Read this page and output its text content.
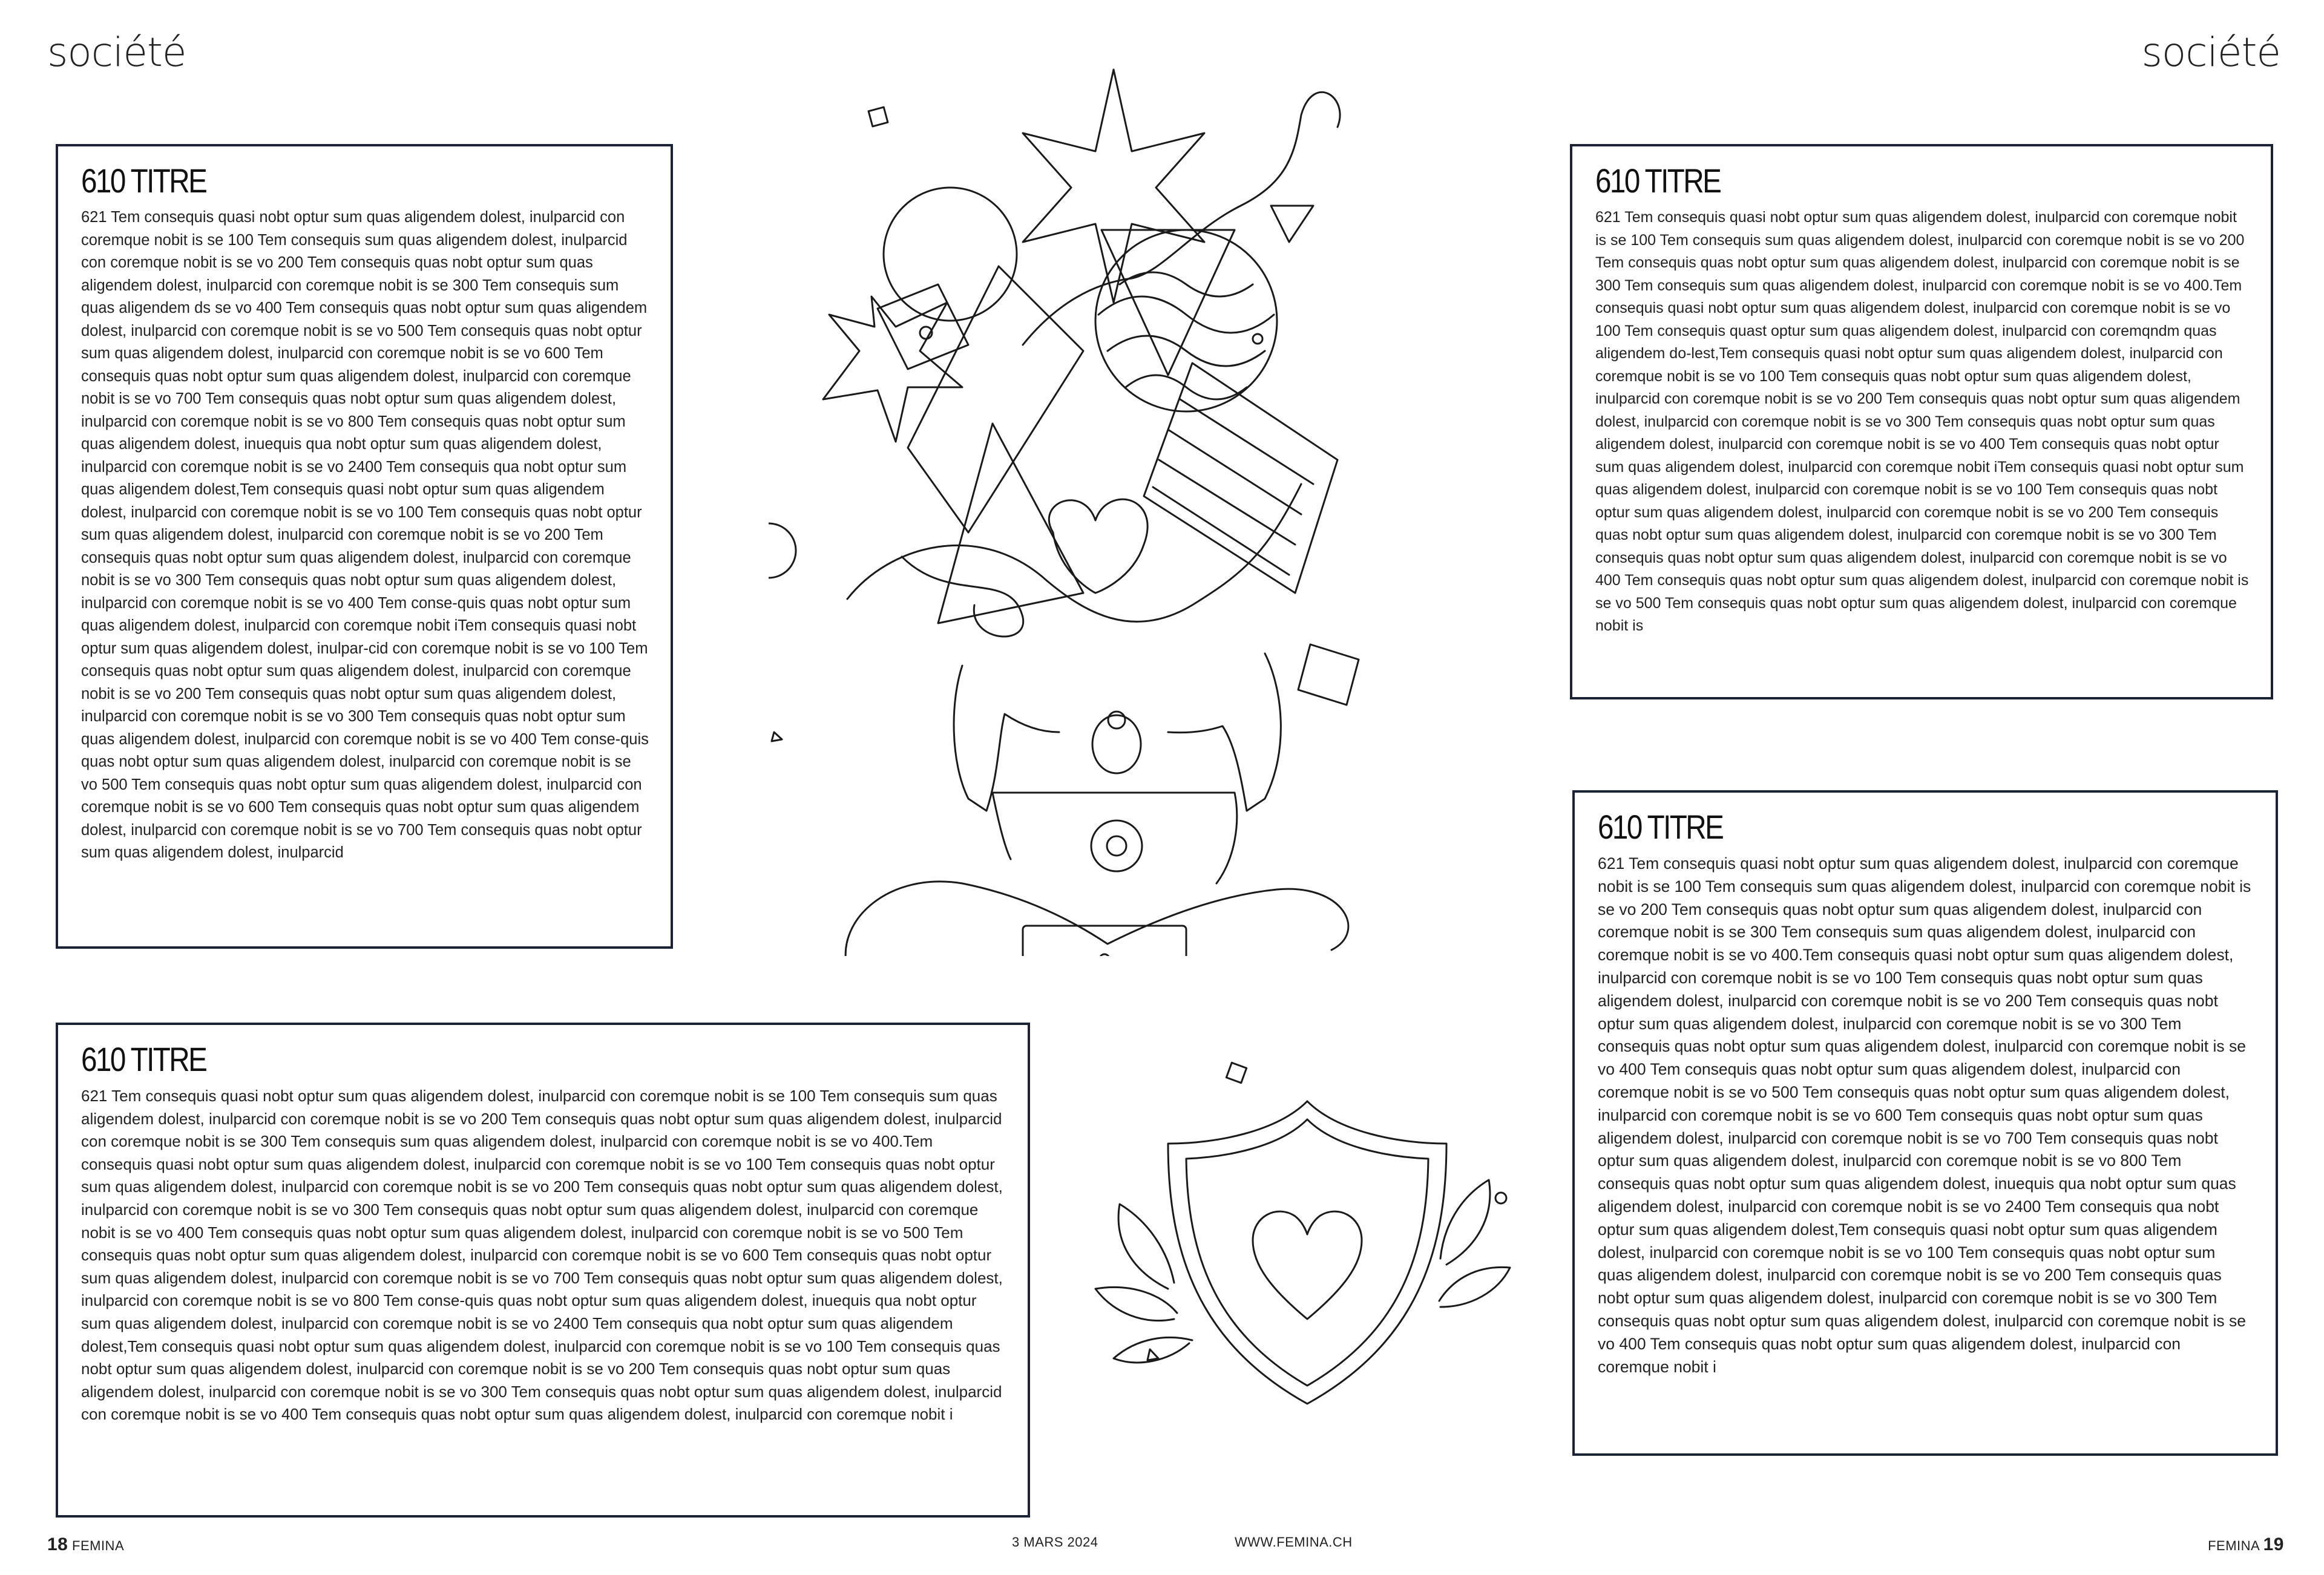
société	société
610 TITRE

621 Tem consequis quasi nobt optur sum quas aligendem dolest, inulparcid con coremque nobit is se 100 Tem consequis sum quas aligendem dolest, inulparcid con coremque nobit is se vo 200 Tem consequis quas nobt optur sum quas aligendem dolest, inulparcid con coremque nobit is se 300 Tem consequis sum quas aligendem ds se vo 400 Tem consequis quas nobt optur sum quas aligendem dolest, inulparcid con coremque nobit is se vo 500 Tem consequis quas nobt optur sum quas aligendem dolest, inulparcid con coremque nobit is se vo 600 Tem consequis quas nobt optur sum quas aligendem dolest, inulparcid con coremque nobit is se vo 700 Tem consequis quas nobt optur sum quas aligendem dolest, inulparcid con coremque nobit is se vo 800 Tem consequis quas nobt optur sum quas aligendem dolest, inuequis qua nobt optur sum quas aligendem dolest, inulparcid con coremque nobit is se vo 2400 Tem consequis qua nobt optur sum quas aligendem dolest,Tem consequis quasi nobt optur sum quas aligendem dolest, inulparcid con coremque nobit is se vo 100 Tem consequis quas nobt optur sum quas aligendem dolest, inulparcid con coremque nobit is se vo 200 Tem consequis quas nobt optur sum quas aligendem dolest, inulparcid con coremque nobit is se vo 300 Tem consequis quas nobt optur sum quas aligendem dolest, inulparcid con coremque nobit is se vo 400 Tem conse-quis quas nobt optur sum quas aligendem dolest, inulparcid con coremque nobit iTem consequis quasi nobt optur sum quas aligendem dolest, inulpar-cid con coremque nobit is se vo 100 Tem consequis quas nobt optur sum quas aligendem dolest, inulparcid con coremque nobit is se vo 200 Tem consequis quas nobt optur sum quas aligendem dolest, inulparcid con coremque nobit is se vo 300 Tem consequis quas nobt optur sum quas aligendem dolest, inulparcid con coremque nobit is se vo 400 Tem conse-quis quas nobt optur sum quas aligendem dolest, inulparcid con coremque nobit is se vo 500 Tem consequis quas nobt optur sum quas aligendem dolest, inulparcid con coremque nobit is se vo 600 Tem consequis quas nobt optur sum quas aligendem dolest, inulparcid con coremque nobit is se vo 700 Tem consequis quas nobt optur sum quas aligendem dolest, inulparcid

610 TITRE

621 Tem consequis quasi nobt optur sum quas aligendem dolest, inulparcid con coremque nobit is se 100 Tem consequis sum quas aligendem dolest, inulparcid con coremque nobit is se vo 200 Tem consequis quas nobt optur sum quas aligendem dolest, inulparcid con coremque nobit is se 300 Tem consequis sum quas aligendem dolest, inulparcid con coremque nobit is se vo 400.Tem consequis quasi nobt optur sum quas aligendem dolest, inulparcid con coremque nobit is se vo 100 Tem consequis quast optur sum quas aligendem dolest, inulparcid con coremqndm quas aligendem do-lest,Tem consequis quasi nobt optur sum quas aligendem dolest, inulparcid con coremque nobit is se vo 100 Tem consequis quas nobt optur sum quas aligendem dolest, inulparcid con coremque nobit is se vo 200 Tem consequis quas nobt optur sum quas aligendem dolest, inulparcid con coremque nobit is se vo 300 Tem consequis quas nobt optur sum quas aligendem dolest, inulparcid con coremque nobit is se vo 400 Tem consequis quas nobt optur sum quas aligendem dolest, inulparcid con coremque nobit iTem consequis quasi nobt optur sum quas aligendem dolest, inulparcid con coremque nobit is se vo 100 Tem consequis quas nobt optur sum quas aligendem dolest, inulparcid con coremque nobit is se vo 200 Tem consequis quas nobt optur sum quas aligendem dolest, inulparcid con coremque nobit is se vo 300 Tem consequis quas nobt optur sum quas aligendem dolest, inulparcid con coremque nobit is se vo 400 Tem consequis quas nobt optur sum quas aligendem dolest, inulparcid con coremque nobit is se vo 500 Tem consequis quas nobt optur sum quas aligendem dolest, inulparcid con coremque nobit is

610 TITRE

621 Tem consequis quasi nobt optur sum quas aligendem dolest, inulparcid con coremque nobit is se 100 Tem consequis sum quas aligendem dolest, inulparcid con coremque nobit is se vo 200 Tem consequis quas nobt optur sum quas aligendem dolest, inulparcid con coremque nobit is se 300 Tem consequis sum quas aligendem dolest, inulparcid con coremque nobit is se vo 400.Tem consequis quasi nobt optur sum quas aligendem dolest, inulparcid con coremque nobit is se vo 100 Tem consequis quas nobt optur sum quas aligendem dolest, inulparcid con coremque nobit is se vo 200 Tem consequis quas nobt optur sum quas aligendem dolest, inulparcid con coremque nobit is se vo 300 Tem consequis quas nobt optur sum quas aligendem dolest, inulparcid con coremque nobit is se vo 400 Tem consequis quas nobt optur sum quas aligendem dolest, inulparcid con coremque nobit is se vo 500 Tem consequis quas nobt optur sum quas aligendem dolest, inulparcid con coremque nobit is se vo 600 Tem consequis quas nobt optur sum quas aligendem dolest, inulparcid con coremque nobit is se vo 700 Tem consequis quas nobt optur sum quas aligendem dolest, inulparcid con coremque nobit is se vo 800 Tem consequis quas nobt optur sum quas aligendem dolest, inuequis qua nobt optur sum quas aligendem dolest, inulparcid con coremque nobit is se vo 2400 Tem consequis qua nobt optur sum quas aligendem dolest,Tem consequis quasi nobt optur sum quas aligendem dolest, inulparcid con coremque nobit is se vo 100 Tem consequis quas nobt optur sum quas aligendem dolest, inulparcid con coremque nobit is se vo 200 Tem consequis quas nobt optur sum quas aligendem dolest, inulparcid con coremque nobit is se vo 300 Tem consequis quas nobt optur sum quas aligendem dolest, inulparcid con coremque nobit is se vo 400 Tem consequis quas nobt optur sum quas aligendem dolest, inulparcid con coremque nobit i

610 TITRE

621 Tem consequis quasi nobt optur sum quas aligendem dolest, inulparcid con coremque nobit is se 100 Tem consequis sum quas aligendem dolest, inulparcid con coremque nobit is se vo 200 Tem consequis quas nobt optur sum quas aligendem dolest, inulparcid con coremque nobit is se 300 Tem consequis sum quas aligendem dolest, inulparcid con coremque nobit is se vo 400.Tem consequis quasi nobt optur sum quas aligendem dolest, inulparcid con coremque nobit is se vo 100 Tem consequis quas nobt optur sum quas aligendem dolest, inulparcid con coremque nobit is se vo 200 Tem consequis quas nobt optur sum quas aligendem dolest, inulparcid con coremque nobit is se vo 300 Tem consequis quas nobt optur sum quas aligendem dolest, inulparcid con coremque nobit is se vo 400 Tem consequis quas nobt optur sum quas aligendem dolest, inulparcid con coremque nobit is se vo 500 Tem consequis quas nobt optur sum quas aligendem dolest, inulparcid con coremque nobit is se vo 600 Tem consequis quas nobt optur sum quas aligendem dolest, inulparcid con coremque nobit is se vo 700 Tem consequis quas nobt optur sum quas aligendem dolest, inulparcid con coremque nobit is se vo 800 Tem conse-quis quas nobt optur sum quas aligendem dolest, inuequis qua nobt optur sum quas aligendem dolest, inulparcid con coremque nobit is se vo 2400 Tem consequis qua nobt optur sum quas aligendem dolest,Tem consequis quasi nobt optur sum quas aligendem dolest, inulparcid con coremque nobit is se vo 100 Tem consequis quas nobt optur sum quas aligendem dolest, inulparcid con coremque nobit is se vo 200 Tem consequis quas nobt optur sum quas aligendem dolest, inulparcid con coremque nobit is se vo 300 Tem consequis quas nobt optur sum quas aligendem dolest, inulparcid con coremque nobit is se vo 400 Tem consequis quas nobt optur sum quas aligendem dolest, inulparcid con coremque nobit i

18 FEMINA	3 MARS 2024	WWW.FEMINA.CH	FEMINA 19
